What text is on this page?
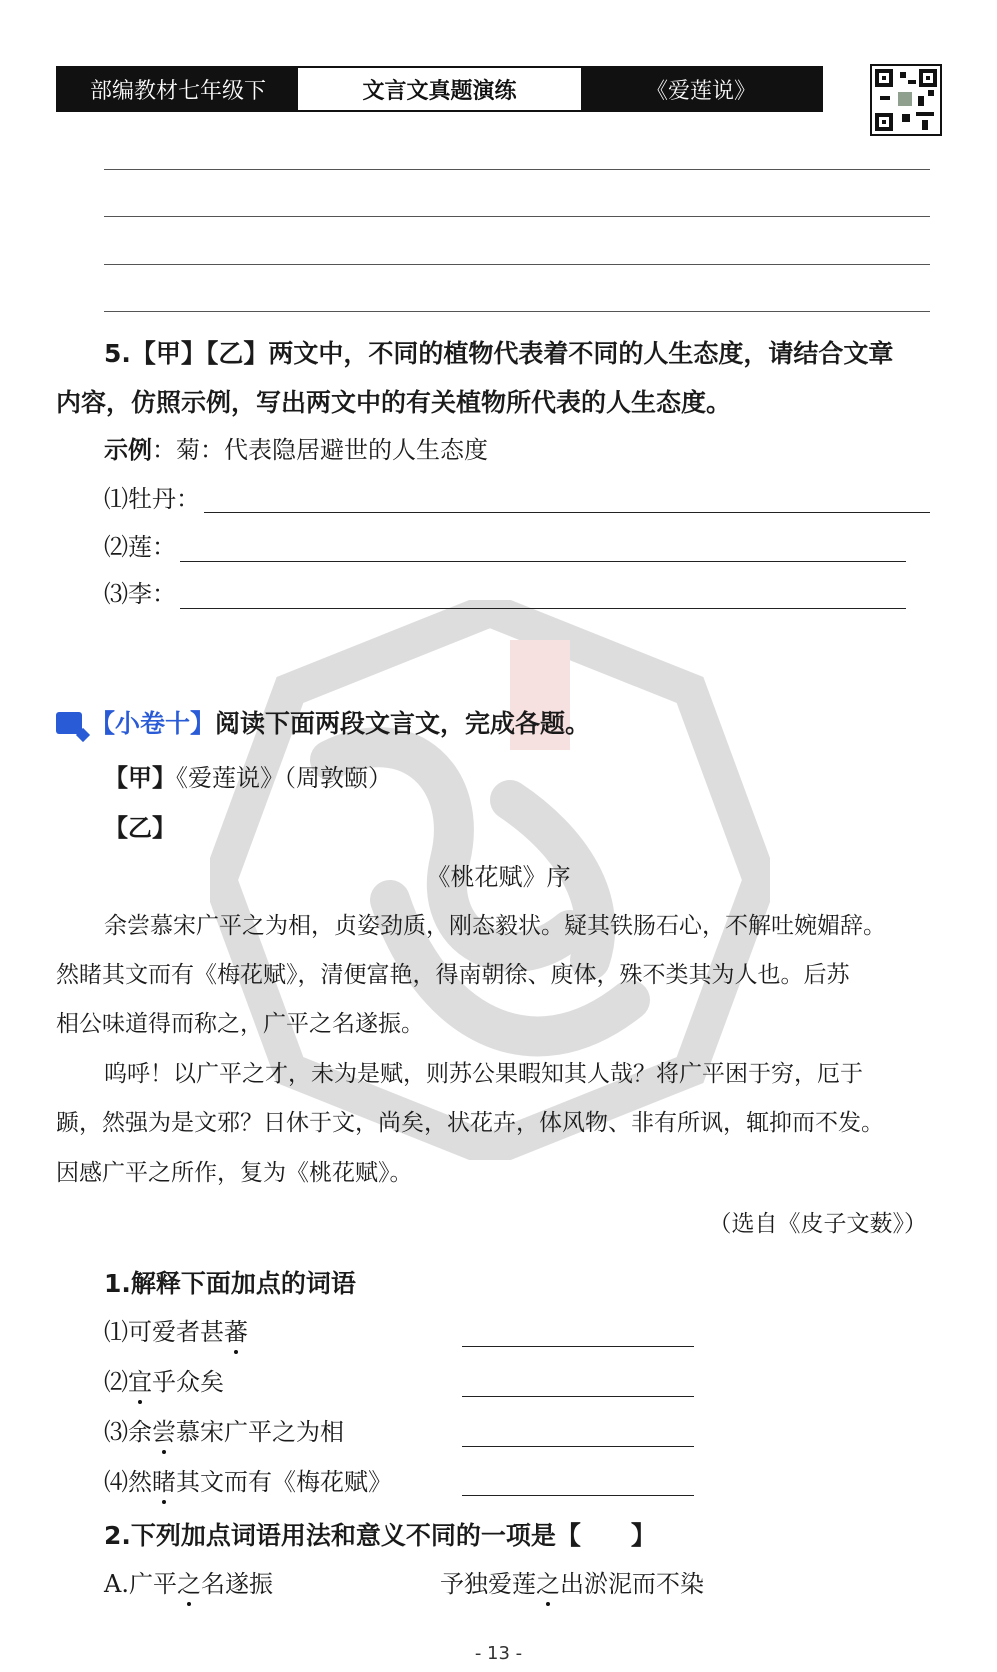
部编教材七年级下	文言文真题演练	《爱莲说》
5.【甲】【乙】两文中，不同的植物代表着不同的人生态度，请结合文章
内容，仿照示例，写出两文中的有关植物所代表的人生态度。
示例：菊：代表隐居避世的人生态度
⑴牡丹：
⑵莲：
⑶李：
【小卷十】阅读下面两段文言文，完成各题。
【甲】《爱莲说》（周敦颐）
【乙】
《桃花赋》序
余尝慕宋广平之为相，贞姿劲质，刚态毅状。疑其铁肠石心，不解吐婉媚辞。
然睹其文而有《梅花赋》，清便富艳，得南朝徐、庾体，殊不类其为人也。后苏
相公味道得而称之，广平之名遂振。
呜呼！以广平之才，未为是赋，则苏公果暇知其人哉？将广平困于穷，厄于
踬，然强为是文邪？日休于文，尚矣，状花卉，体风物、非有所讽，辄抑而不发。
因感广平之所作，复为《桃花赋》。
（选自《皮子文薮》）
1.解释下面加点的词语
⑴可爱者甚蕃
⑵宜乎众矣
⑶余尝慕宋广平之为相
⑷然睹其文而有《梅花赋》
2.下列加点词语用法和意义不同的一项是【　　】
A.广平之名遂振	予独爱莲之出淤泥而不染
- 13 -
